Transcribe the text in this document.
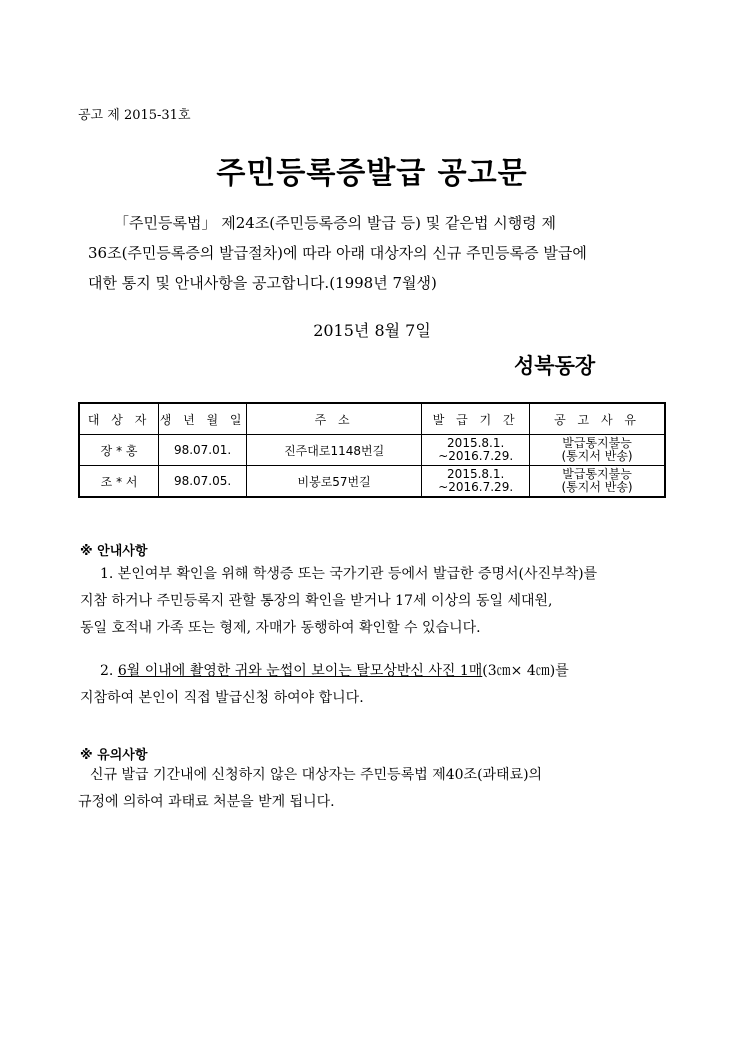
공고 제 2015-31호
주민등록증발급 공고문
「주민등록법」 제24조(주민등록증의 발급 등) 및 같은법 시행령 제
36조(주민등록증의 발급절차)에 따라 아래 대상자의 신규 주민등록증 발급에
대한 통지 및 안내사항을 공고합니다.(1998년 7월생)
2015년 8월 7일
성북동장
대 상 자	생 년 월 일	주 소	발 급 기 간	공 고 사 유
장 * 홍	98.07.01.	진주대로1148번길	2015.8.1.
~2016.7.29.	발급통지불능
(통지서 반송)
조 * 서	98.07.05.	비봉로57번길	2015.8.1.
~2016.7.29.	발급통지불능
(통지서 반송)
※ 안내사항
1. 본인여부 확인을 위해 학생증 또는 국가기관 등에서 발급한 증명서(사진부착)를
지참 하거나 주민등록지 관할 통장의 확인을 받거나 17세 이상의 동일 세대원,
동일 호적내 가족 또는 형제, 자매가 동행하여 확인할 수 있습니다.
2. 6월 이내에 촬영한 귀와 눈썹이 보이는 탈모상반신 사진 1매(3㎝× 4㎝)를
지참하여 본인이 직접 발급신청 하여야 합니다.
※ 유의사항
신규 발급 기간내에 신청하지 않은 대상자는 주민등록법 제40조(과태료)의
규정에 의하여 과태료 처분을 받게 됩니다.
